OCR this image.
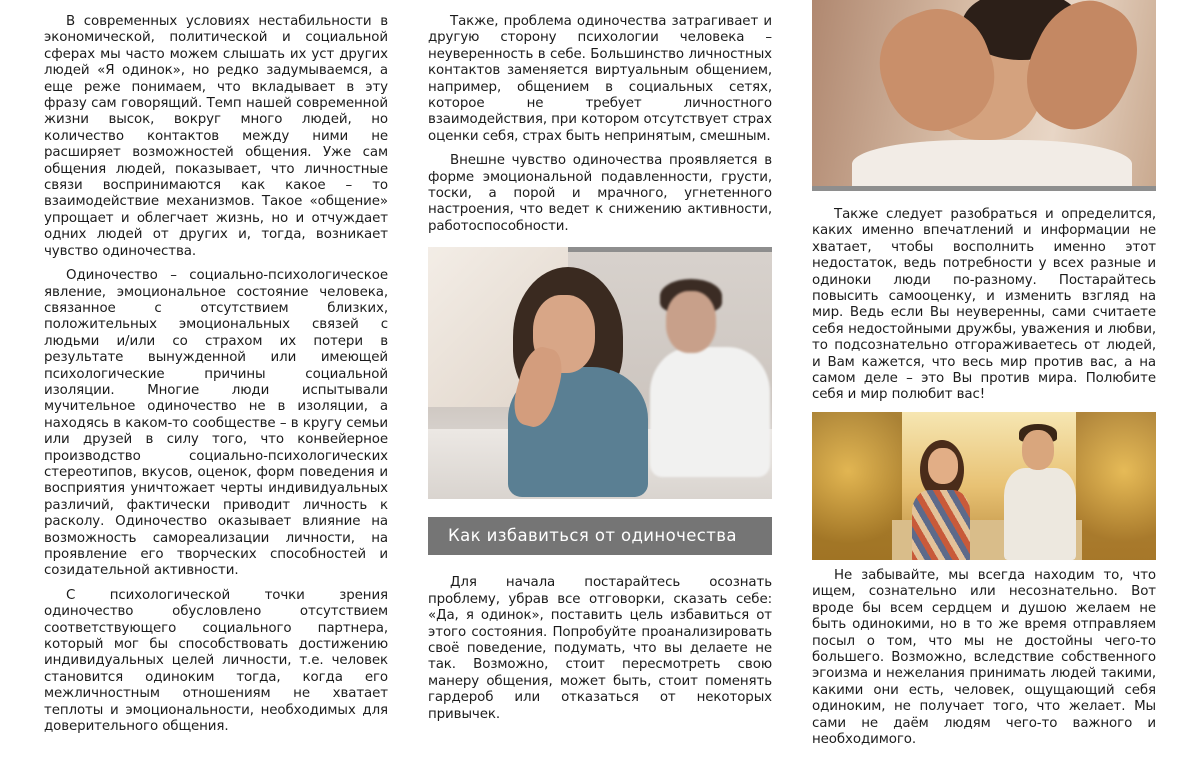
В современных условиях нестабильности в экономической, политической и социальной сферах мы часто можем слышать их уст других людей «Я одинок», но редко задумываемся, а еще реже понимаем, что вкладывает в эту фразу сам говорящий. Темп нашей современной жизни высок, вокруг много людей, но количество контактов между ними не расширяет возможностей общения. Уже сам общения людей, показывает, что личностные связи воспринимаются как какое – то взаимодействие механизмов. Такое «общение» упрощает и облегчает жизнь, но и отчуждает одних людей от других и, тогда, возникает чувство одиночества.

Одиночество – социально-психологическое явление, эмоциональное состояние человека, связанное с отсутствием близких, положительных эмоциональных связей с людьми и/или со страхом их потери в результате вынужденной или имеющей психологические причины социальной изоляции. Многие люди испытывали мучительное одиночество не в изоляции, а находясь в каком-то сообществе – в кругу семьи или друзей в силу того, что конвейерное производство социально-психологических стереотипов, вкусов, оценок, форм поведения и восприятия уничтожает черты индивидуальных различий, фактически приводит личность к расколу. Одиночество оказывает влияние на возможность самореализации личности, на проявление его творческих способностей и созидательной активности.

С психологической точки зрения одиночество обусловлено отсутствием соответствующего социального партнера, который мог бы способствовать достижению индивидуальных целей личности, т.е. человек становится одиноким тогда, когда его межличностным отношениям не хватает теплоты и эмоциональности, необходимых для доверительного общения.

Также, проблема одиночества затрагивает и другую сторону психологии человека – неуверенность в себе. Большинство личностных контактов заменяется виртуальным общением, например, общением в социальных сетях, которое не требует личностного взаимодействия, при котором отсутствует страх оценки себя, страх быть непринятым, смешным.

Внешне чувство одиночества проявляется в форме эмоциональной подавленности, грусти, тоски, а порой и мрачного, угнетенного настроения, что ведет к снижению активности, работоспособности.

Как избавиться от одиночества

Для начала постарайтесь осознать проблему, убрав все отговорки, сказать себе: «Да, я одинок», поставить цель избавиться от этого состояния. Попробуйте проанализировать своё поведение, подумать, что вы делаете не так. Возможно, стоит пересмотреть свою манеру общения, может быть, стоит поменять гардероб или отказаться от некоторых привычек.

Также следует разобраться и определится, каких именно впечатлений и информации не хватает, чтобы восполнить именно этот недостаток, ведь потребности у всех разные и одиноки люди по-разному. Постарайтесь повысить самооценку, и изменить взгляд на мир. Ведь если Вы неуверенны, сами считаете себя недостойными дружбы, уважения и любви, то подсознательно отгораживаетесь от людей, и Вам кажется, что весь мир против вас, а на самом деле – это Вы против мира. Полюбите себя и мир полюбит вас!

Не забывайте, мы всегда находим то, что ищем, сознательно или несознательно. Вот вроде бы всем сердцем и душою желаем не быть одинокими, но в то же время отправляем посыл о том, что мы не достойны чего-то большего. Возможно, вследствие собственного эгоизма и нежелания принимать людей такими, какими они есть, человек, ощущающий себя одиноким, не получает того, что желает. Мы сами не даём людям чего-то важного и необходимого.
